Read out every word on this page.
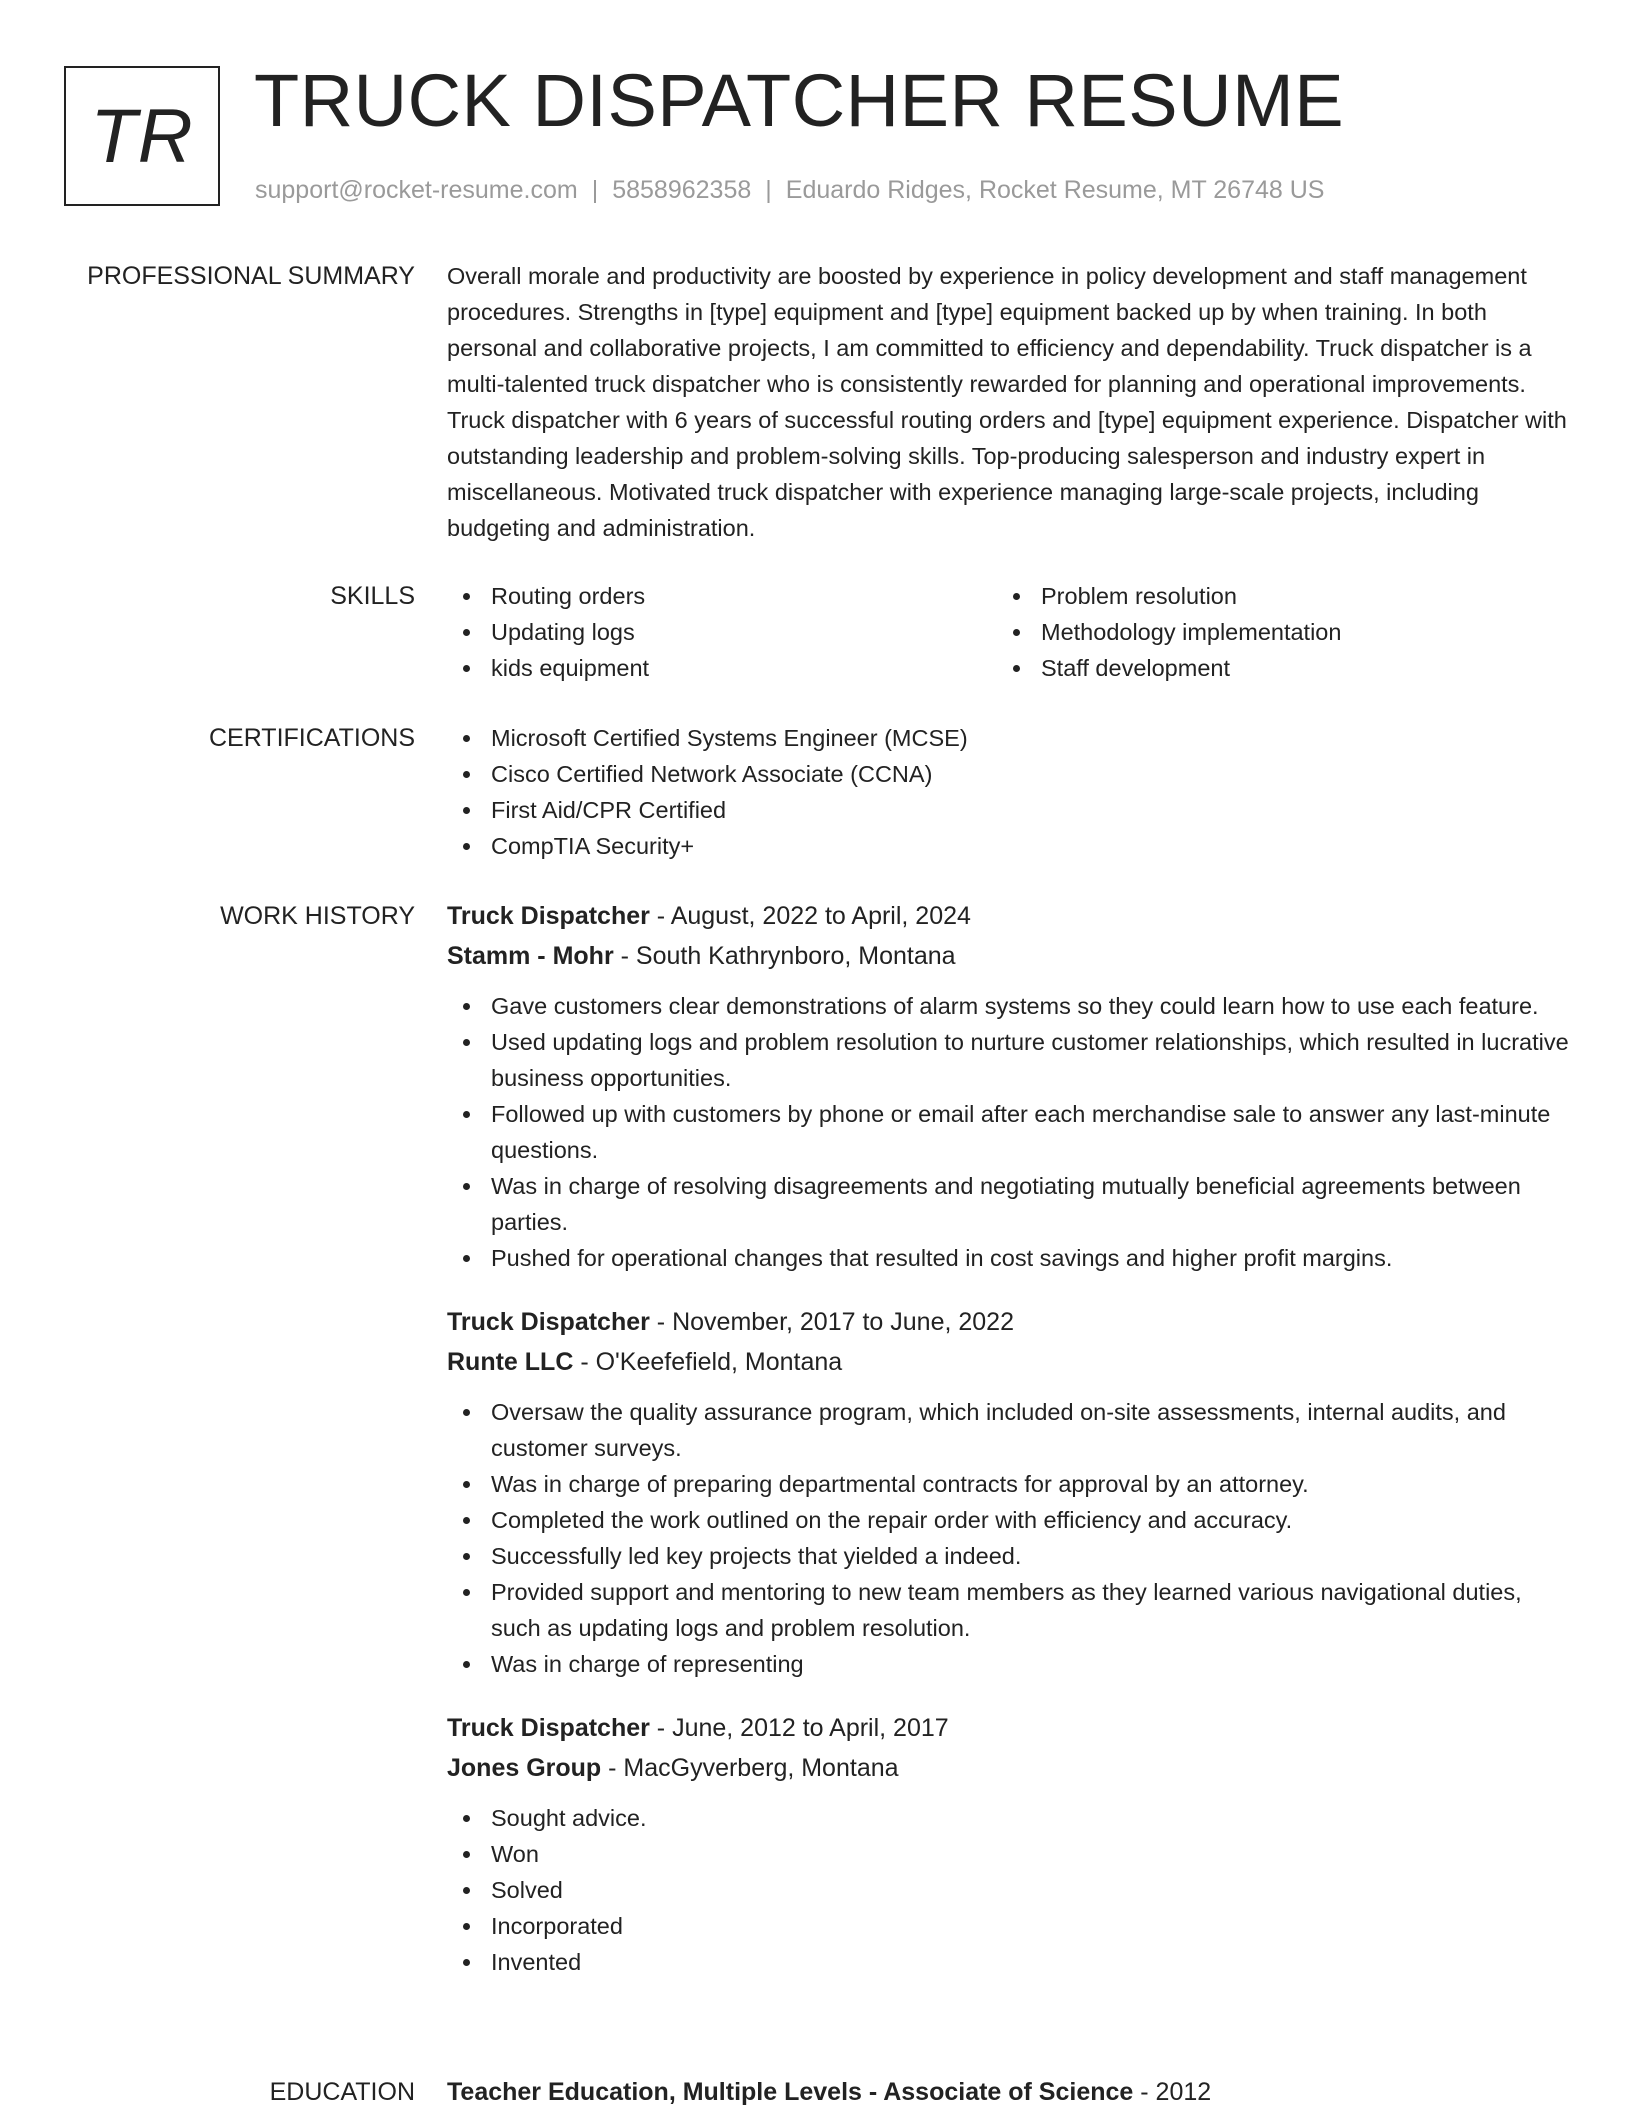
TR TRUCK DISPATCHER RESUME
support@rocket-resume.com | 5858962358 | Eduardo Ridges, Rocket Resume, MT 26748 US
PROFESSIONAL SUMMARY Overall morale and productivity are boosted by experience in policy development and staff management procedures. Strengths in [type] equipment and [type] equipment backed up by when training. In both personal and collaborative projects, I am committed to efficiency and dependability. Truck dispatcher is a multi-talented truck dispatcher who is consistently rewarded for planning and operational improvements. Truck dispatcher with 6 years of successful routing orders and [type] equipment experience. Dispatcher with outstanding leadership and problem-solving skills. Top-producing salesperson and industry expert in miscellaneous. Motivated truck dispatcher with experience managing large-scale projects, including budgeting and administration.

SKILLS	Routing orders
Updating logs
kids equipment
Problem resolution
Methodology implementation
Staff development
CERTIFICATIONS	Microsoft Certified Systems Engineer (MCSE)
Cisco Certified Network Associate (CCNA)
First Aid/CPR Certified
CompTIA Security+
WORK HISTORY Truck Dispatcher - August, 2022 to April, 2024
Stamm - Mohr - South Kathrynboro, Montana
Gave customers clear demonstrations of alarm systems so they could learn how to use each feature.
Used updating logs and problem resolution to nurture customer relationships, which resulted in lucrative business opportunities.
Followed up with customers by phone or email after each merchandise sale to answer any last-minute questions.
Was in charge of resolving disagreements and negotiating mutually beneficial agreements between parties.
Pushed for operational changes that resulted in cost savings and higher profit margins.
Truck Dispatcher - November, 2017 to June, 2022
Runte LLC - O'Keefefield, Montana
Oversaw the quality assurance program, which included on-site assessments, internal audits, and customer surveys.
Was in charge of preparing departmental contracts for approval by an attorney.
Completed the work outlined on the repair order with efficiency and accuracy.
Successfully led key projects that yielded a indeed.
Provided support and mentoring to new team members as they learned various navigational duties, such as updating logs and problem resolution.
Was in charge of representing
Truck Dispatcher - June, 2012 to April, 2017
Jones Group - MacGyverberg, Montana
Sought advice.
Won
Solved
Incorporated
Invented
EDUCATION Teacher Education, Multiple Levels - Associate of Science - 2012
